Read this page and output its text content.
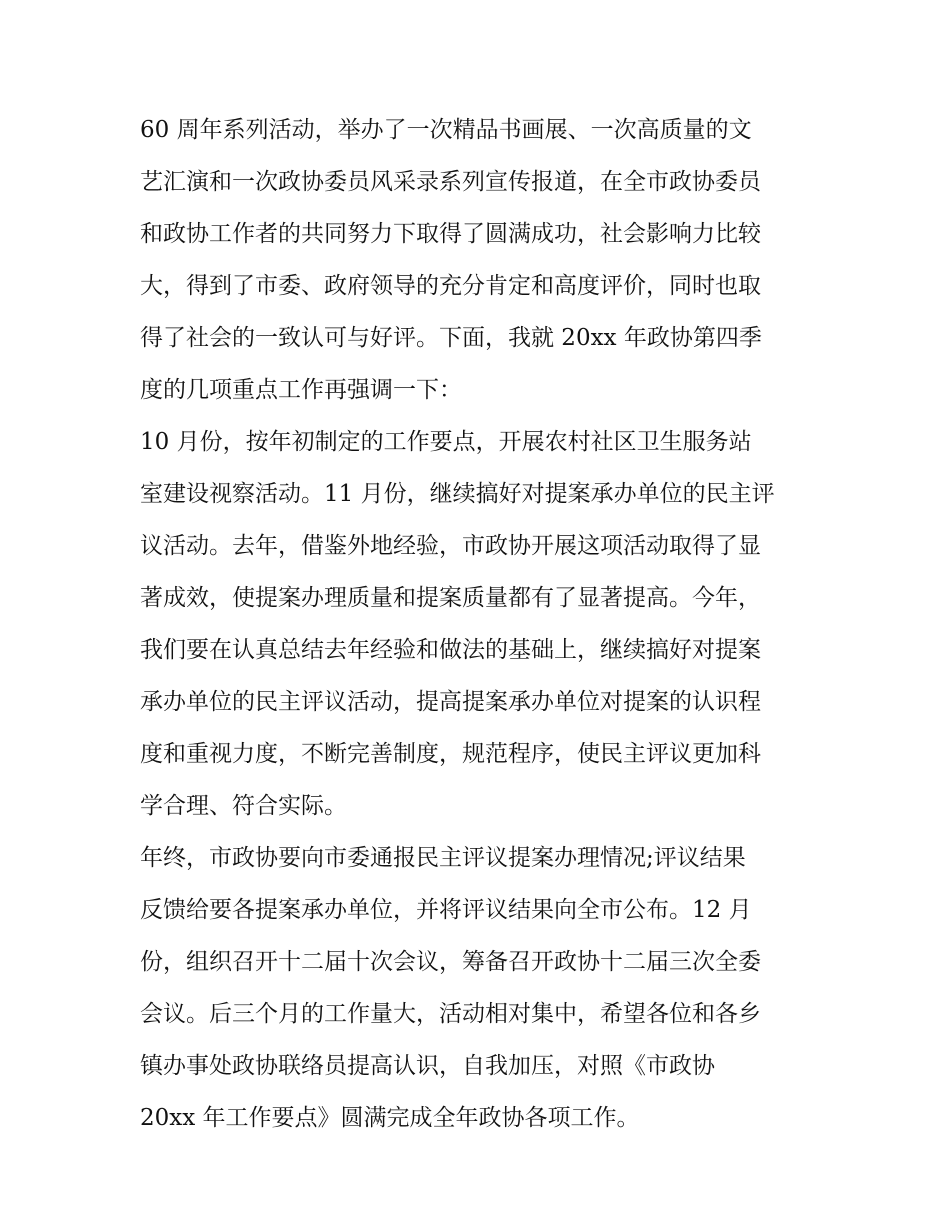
60 周年系列活动，举办了一次精品书画展、一次高质量的文
艺汇演和一次政协委员风采录系列宣传报道，在全市政协委员
和政协工作者的共同努力下取得了圆满成功，社会影响力比较
大，得到了市委、政府领导的充分肯定和高度评价，同时也取
得了社会的一致认可与好评。下面，我就 20xx 年政协第四季
度的几项重点工作再强调一下：
10 月份，按年初制定的工作要点，开展农村社区卫生服务站
室建设视察活动。11 月份，继续搞好对提案承办单位的民主评
议活动。去年，借鉴外地经验，市政协开展这项活动取得了显
著成效，使提案办理质量和提案质量都有了显著提高。今年，
我们要在认真总结去年经验和做法的基础上，继续搞好对提案
承办单位的民主评议活动，提高提案承办单位对提案的认识程
度和重视力度，不断完善制度，规范程序，使民主评议更加科
学合理、符合实际。
年终，市政协要向市委通报民主评议提案办理情况;评议结果
反馈给要各提案承办单位，并将评议结果向全市公布。12 月
份，组织召开十二届十次会议，筹备召开政协十二届三次全委
会议。后三个月的工作量大，活动相对集中，希望各位和各乡
镇办事处政协联络员提高认识，自我加压，对照《市政协
20xx 年工作要点》圆满完成全年政协各项工作。
